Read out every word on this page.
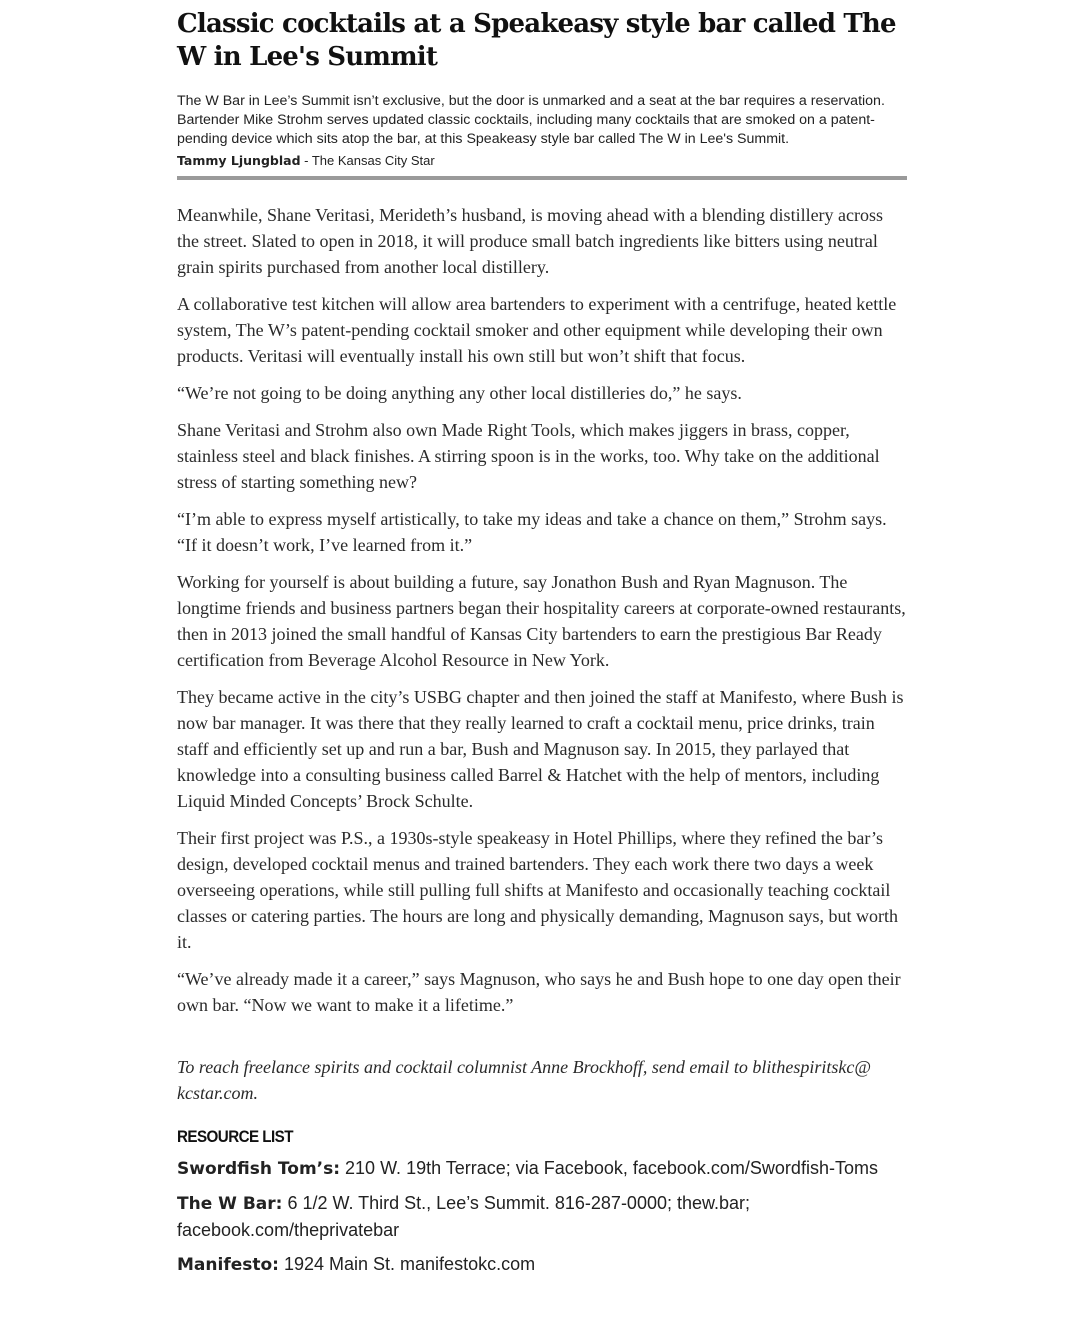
Classic cocktails at a Speakeasy style bar called The W in Lee's Summit

The W Bar in Lee’s Summit isn’t exclusive, but the door is unmarked and a seat at the bar requires a reservation. Bartender Mike Strohm serves updated classic cocktails, including many cocktails that are smoked on a patent-pending device which sits atop the bar, at this Speakeasy style bar called The W in Lee's Summit.

Tammy Ljungblad - The Kansas City Star

Meanwhile, Shane Veritasi, Merideth’s husband, is moving ahead with a blending distillery across the street. Slated to open in 2018, it will produce small batch ingredients like bitters using neutral grain spirits purchased from another local distillery.

A collaborative test kitchen will allow area bartenders to experiment with a centrifuge, heated kettle system, The W’s patent-pending cocktail smoker and other equipment while developing their own products. Veritasi will eventually install his own still but won’t shift that focus.

“We’re not going to be doing anything any other local distilleries do,” he says.

Shane Veritasi and Strohm also own Made Right Tools, which makes jiggers in brass, copper, stainless steel and black finishes. A stirring spoon is in the works, too. Why take on the additional stress of starting something new?

“I’m able to express myself artistically, to take my ideas and take a chance on them,” Strohm says. “If it doesn’t work, I’ve learned from it.”

Working for yourself is about building a future, say Jonathon Bush and Ryan Magnuson. The longtime friends and business partners began their hospitality careers at corporate-owned restaurants, then in 2013 joined the small handful of Kansas City bartenders to earn the prestigious Bar Ready certification from Beverage Alcohol Resource in New York.

They became active in the city’s USBG chapter and then joined the staff at Manifesto, where Bush is now bar manager. It was there that they really learned to craft a cocktail menu, price drinks, train staff and efficiently set up and run a bar, Bush and Magnuson say. In 2015, they parlayed that knowledge into a consulting business called Barrel & Hatchet with the help of mentors, including Liquid Minded Concepts’ Brock Schulte.

Their first project was P.S., a 1930s-style speakeasy in Hotel Phillips, where they refined the bar’s design, developed cocktail menus and trained bartenders. They each work there two days a week overseeing operations, while still pulling full shifts at Manifesto and occasionally teaching cocktail classes or catering parties. The hours are long and physically demanding, Magnuson says, but worth it.

“We’ve already made it a career,” says Magnuson, who says he and Bush hope to one day open their own bar. “Now we want to make it a lifetime.”

To reach freelance spirits and cocktail columnist Anne Brockhoff, send email to blithespiritskc@ kcstar.com.

RESOURCE LIST

Swordfish Tom’s: 210 W. 19th Terrace; via Facebook, facebook.com/Swordfish-Toms

The W Bar: 6 1/2 W. Third St., Lee’s Summit. 816-287-0000; thew.bar; facebook.com/theprivatebar

Manifesto: 1924 Main St. manifestokc.com
